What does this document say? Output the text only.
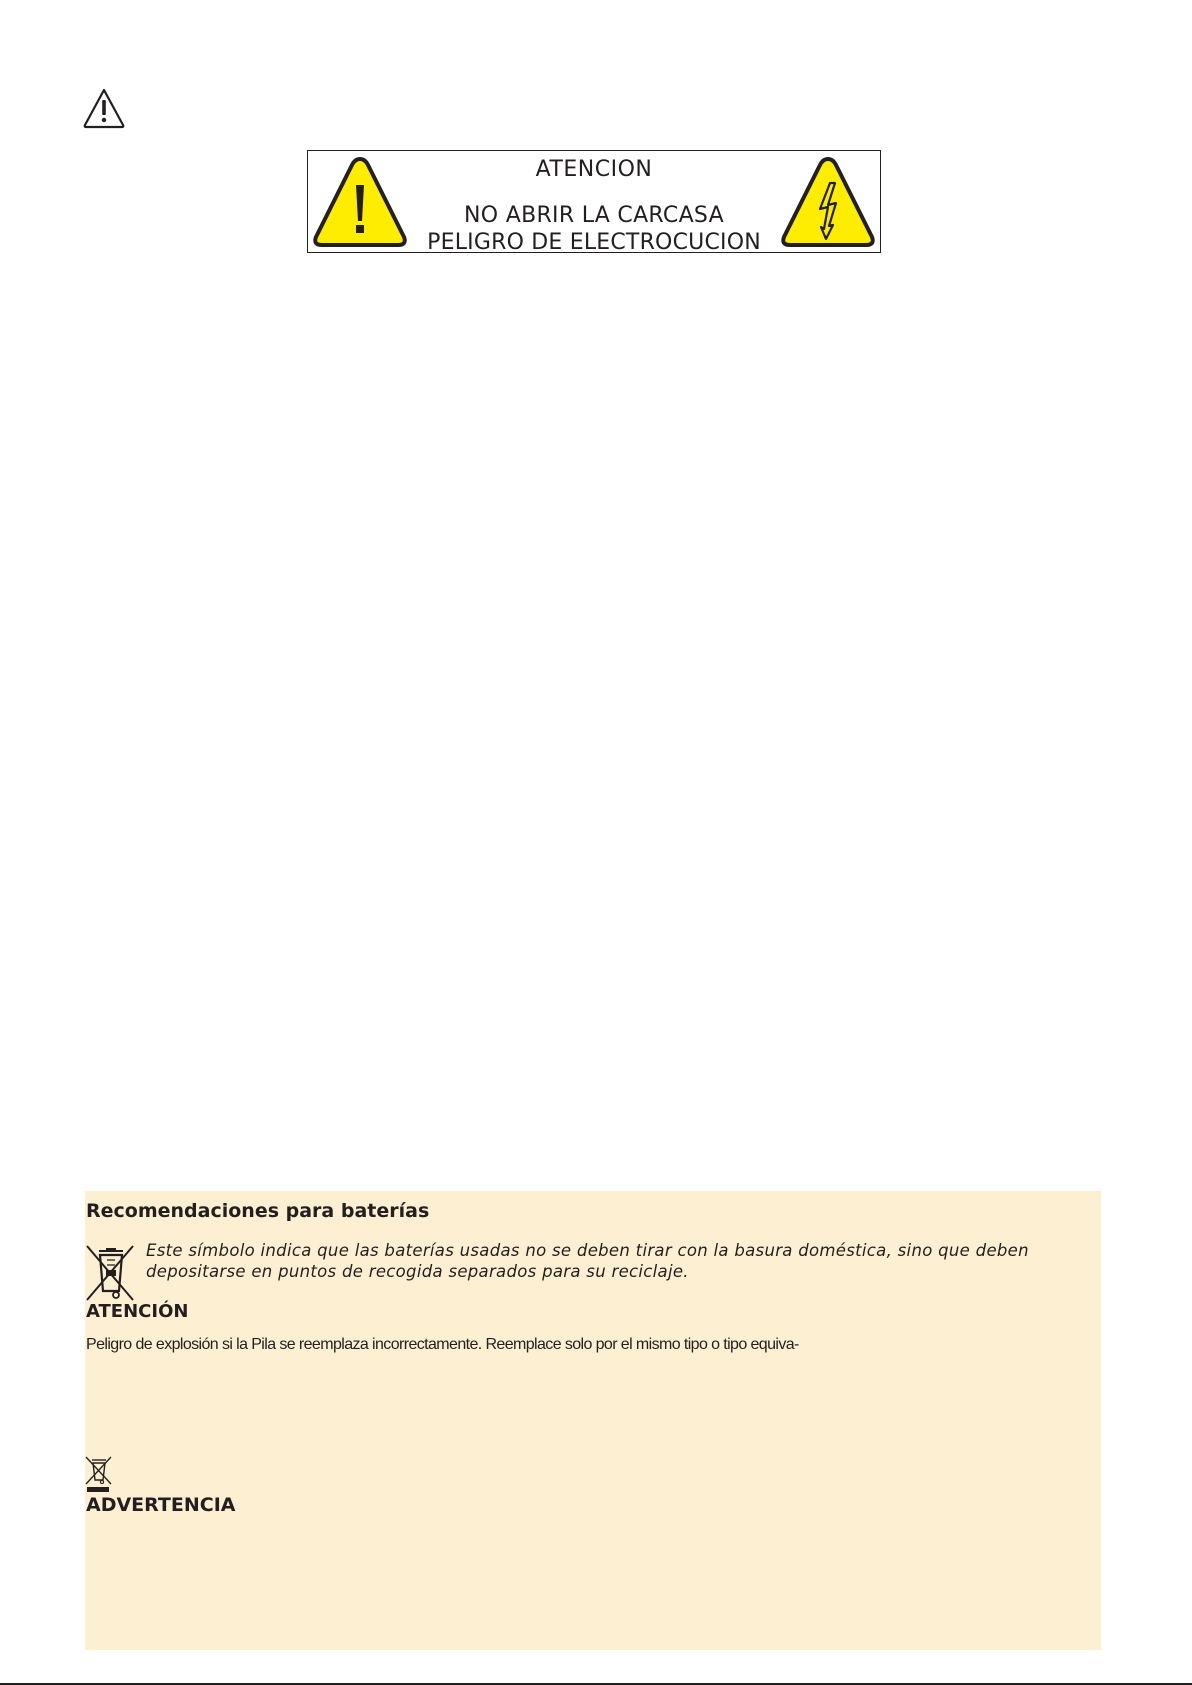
ATENCION
NO ABRIR LA CARCASA
PELIGRO DE ELECTROCUCION
Recomendaciones para baterías
Este símbolo indica que las baterías usadas no se deben tirar con la basura doméstica, sino que deben depositarse en puntos de recogida separados para su reciclaje.
ATENCIÓN
Peligro de explosión si la Pila se reemplaza incorrectamente. Reemplace solo por el mismo tipo o tipo equiva-
ADVERTENCIA
